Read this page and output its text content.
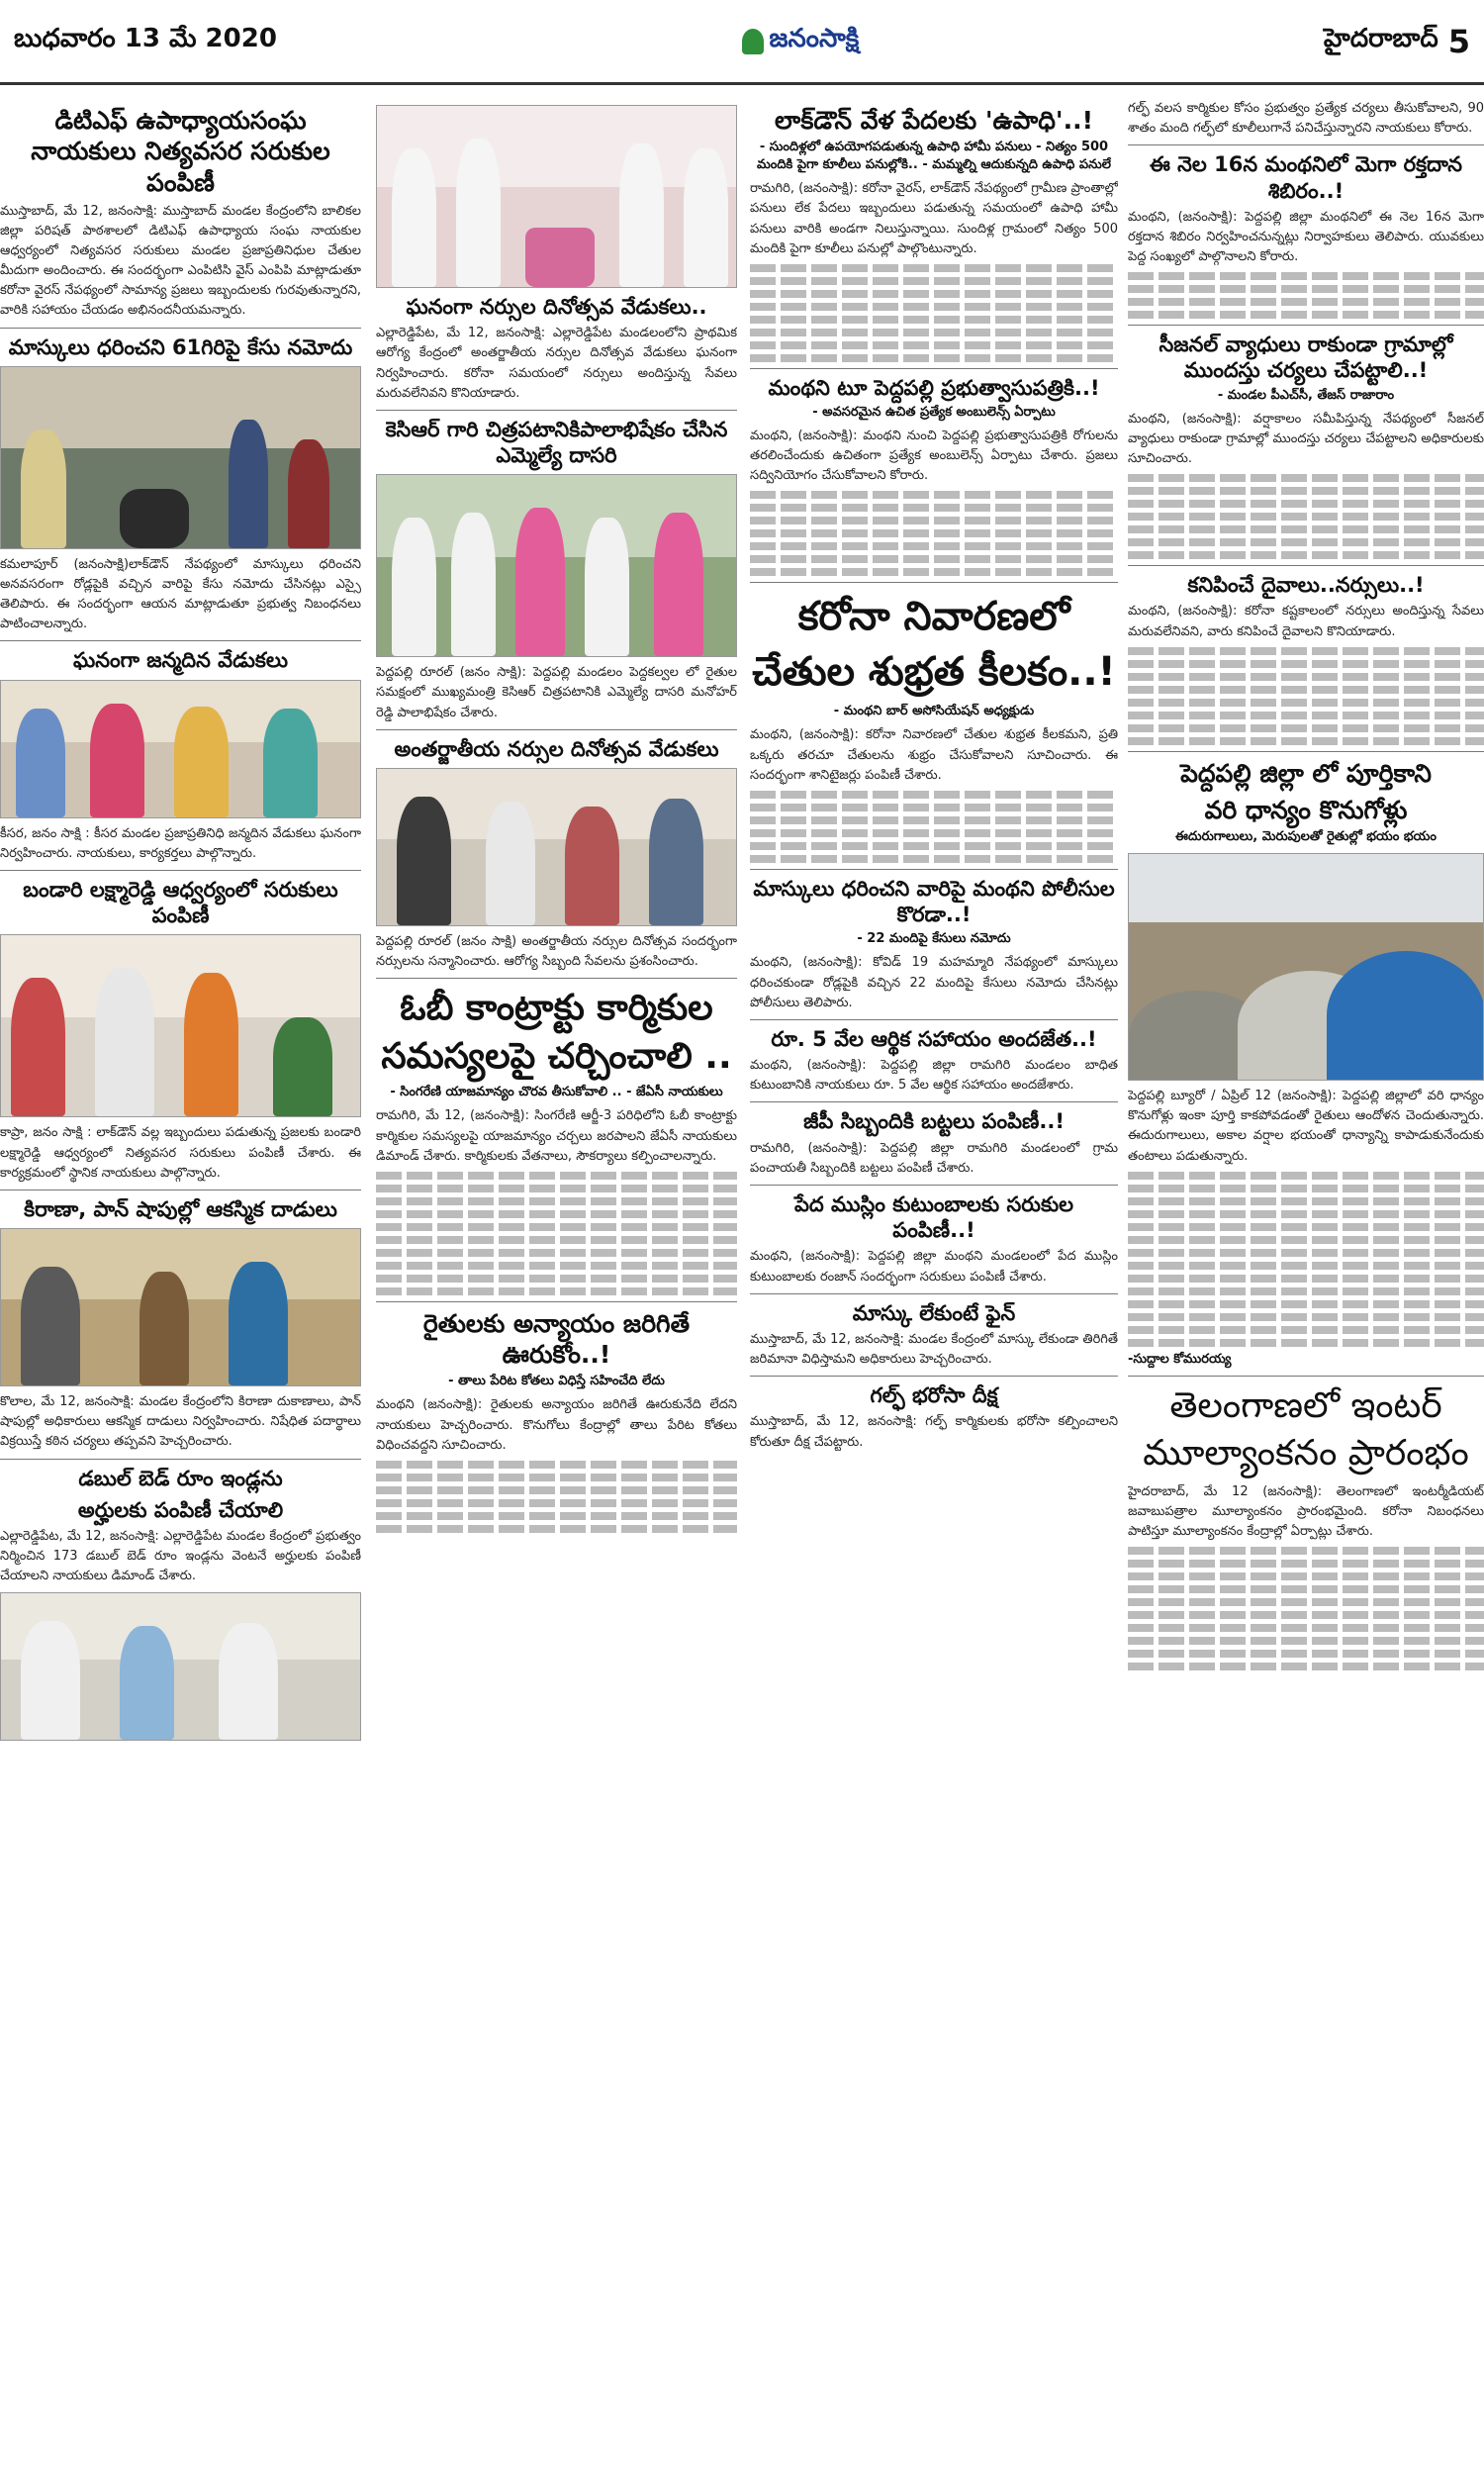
బుధవారం 13 మే 2020	జనంసాక్షి	హైదరాబాద్ 5
డిటిఎఫ్‌ ఉపాధ్యాయసంఘ నాయకులు నిత్యవసర సరుకుల పంపిణీ
ముస్తాబాద్‌, మే 12, జనంసాక్షి: ముస్తాబాద్‌ మండల కేంద్రంలోని బాలికల జిల్లా పరిషత్‌ పాఠశాలలో డిటిఎఫ్‌ ఉపాధ్యాయ సంఘ నాయకుల ఆధ్వర్యంలో నిత్యవసర సరుకులు మండల ప్రజాప్రతినిధుల చేతుల మీదుగా అందించారు. ఈ సందర్భంగా ఎంపిటిసి వైస్‌ ఎంపిపి మాట్లాడుతూ కరోనా వైరస్‌ నేపథ్యంలో సామాన్య ప్రజలు ఇబ్బందులకు గురవుతున్నారని, వారికి సహాయం చేయడం అభినందనీయమన్నారు.
మాస్కులు ధరించని 61గిరిపై కేసు నమోదు
కమలాపూర్‌ (జనంసాక్షి)లాక్‌డౌన్‌ నేపథ్యంలో మాస్కులు ధరించని అనవసరంగా రోడ్లపైకి వచ్చిన వారిపై కేసు నమోదు చేసినట్లు ఎస్సై తెలిపారు. ఈ సందర్భంగా ఆయన మాట్లాడుతూ ప్రభుత్వ నిబంధనలు పాటించాలన్నారు.
ఘనంగా జన్మదిన వేడుకలు
కీసర, జనం సాక్షి : కీసర మండల ప్రజాప్రతినిధి జన్మదిన వేడుకలు ఘనంగా నిర్వహించారు. నాయకులు, కార్యకర్తలు పాల్గొన్నారు.
బండారి లక్ష్మారెడ్డి ఆధ్వర్యంలో సరుకులు పంపిణీ
కాప్రా, జనం సాక్షి : లాక్‌డౌన్‌ వల్ల ఇబ్బందులు పడుతున్న ప్రజలకు బండారి లక్ష్మారెడ్డి ఆధ్వర్యంలో నిత్యవసర సరుకులు పంపిణీ చేశారు. ఈ కార్యక్రమంలో స్థానిక నాయకులు పాల్గొన్నారు.
కిరాణా, పాన్‌ షాపుల్లో ఆకస్మిక దాడులు
కొలాల, మే 12, జనంసాక్షి: మండల కేంద్రంలోని కిరాణా దుకాణాలు, పాన్‌ షాపుల్లో అధికారులు ఆకస్మిక దాడులు నిర్వహించారు. నిషేధిత పదార్థాలు విక్రయిస్తే కఠిన చర్యలు తప్పవని హెచ్చరించారు.
డబుల్‌ బెడ్‌ రూం ఇండ్లను
అర్హులకు పంపిణీ చేయాలి
ఎల్లారెడ్డిపేట, మే 12, జనంసాక్షి: ఎల్లారెడ్డిపేట మండల కేంద్రంలో ప్రభుత్వం నిర్మించిన 173 డబుల్‌ బెడ్‌ రూం ఇండ్లను వెంటనే అర్హులకు పంపిణీ చేయాలని నాయకులు డిమాండ్‌ చేశారు.
ఘనంగా నర్సుల దినోత్సవ వేడుకలు..
ఎల్లారెడ్డిపేట, మే 12, జనంసాక్షి: ఎల్లారెడ్డిపేట మండలంలోని ప్రాథమిక ఆరోగ్య కేంద్రంలో అంతర్జాతీయ నర్సుల దినోత్సవ వేడుకలు ఘనంగా నిర్వహించారు. కరోనా సమయంలో నర్సులు అందిస్తున్న సేవలు మరువలేనివని కొనియాడారు.
కెసిఆర్‌ గారి చిత్రపటానికిపాలాభిషేకం చేసిన ఎమ్మెల్యే దాసరి
పెద్దపల్లి రూరల్‌ (జనం సాక్షి): పెద్దపల్లి మండలం పెద్దకల్వల లో రైతుల సమక్షంలో ముఖ్యమంత్రి కెసిఆర్‌ చిత్రపటానికి ఎమ్మెల్యే దాసరి మనోహర్‌ రెడ్డి పాలాభిషేకం చేశారు.
అంతర్జాతీయ నర్సుల దినోత్సవ వేడుకలు
పెద్దపల్లి రూరల్‌ (జనం సాక్షి) అంతర్జాతీయ నర్సుల దినోత్సవ సందర్భంగా నర్సులను సన్మానించారు. ఆరోగ్య సిబ్బంది సేవలను ప్రశంసించారు.
ఓబీ కాంట్రాక్టు కార్మికుల సమస్యలపై చర్చించాలి ..
- సింగరేణి యాజమాన్యం చొరవ తీసుకోవాలి .. - జేఏసీ నాయకులు
రామగిరి, మే 12, (జనంసాక్షి): సింగరేణి ఆర్జీ-3 పరిధిలోని ఓబీ కాంట్రాక్టు కార్మికుల సమస్యలపై యాజమాన్యం చర్చలు జరపాలని జేఏసీ నాయకులు డిమాండ్‌ చేశారు. కార్మికులకు వేతనాలు, సౌకర్యాలు కల్పించాలన్నారు.
రైతులకు అన్యాయం జరిగితే ఊరుకోం..!
- తాలు పేరిట కోతలు విధిస్తే సహించేది లేదు
మంథని (జనంసాక్షి): రైతులకు అన్యాయం జరిగితే ఊరుకునేది లేదని నాయకులు హెచ్చరించారు. కొనుగోలు కేంద్రాల్లో తాలు పేరిట కోతలు విధించవద్దని సూచించారు.
లాక్‌డౌన్‌ వేళ పేదలకు 'ఉపాధి'..!
- సుందిళ్లలో ఉపయోగపడుతున్న ఉపాధి హామీ పనులు - నిత్యం 500 మందికి పైగా కూలీలు పనుల్లోకి.. - మమ్మల్ని ఆదుకున్నది ఉపాధి పనులే
రామగిరి, (జనంసాక్షి): కరోనా వైరస్‌, లాక్‌డౌన్‌ నేపథ్యంలో గ్రామీణ ప్రాంతాల్లో పనులు లేక పేదలు ఇబ్బందులు పడుతున్న సమయంలో ఉపాధి హామీ పనులు వారికి అండగా నిలుస్తున్నాయి. సుందిళ్ల గ్రామంలో నిత్యం 500 మందికి పైగా కూలీలు పనుల్లో పాల్గొంటున్నారు.
మంథని టూ పెద్దపల్లి ప్రభుత్వాసుపత్రికి..!
- అవసరమైన ఉచిత ప్రత్యేక అంబులెన్స్‌ ఏర్పాటు
మంథని, (జనంసాక్షి): మంథని నుంచి పెద్దపల్లి ప్రభుత్వాసుపత్రికి రోగులను తరలించేందుకు ఉచితంగా ప్రత్యేక అంబులెన్స్‌ ఏర్పాటు చేశారు. ప్రజలు సద్వినియోగం చేసుకోవాలని కోరారు.
కరోనా నివారణలో చేతుల శుభ్రత కీలకం..!
- మంథని బార్‌ అసోసియేషన్‌ అధ్యక్షుడు
మంథని, (జనంసాక్షి): కరోనా నివారణలో చేతుల శుభ్రత కీలకమని, ప్రతి ఒక్కరు తరచూ చేతులను శుభ్రం చేసుకోవాలని సూచించారు. ఈ సందర్భంగా శానిటైజర్లు పంపిణీ చేశారు.
మాస్కులు ధరించని వారిపై మంథని పోలీసుల కొరడా..!
- 22 మందిపై కేసులు నమోదు
మంథని, (జనంసాక్షి): కోవిడ్‌ 19 మహమ్మారి నేపథ్యంలో మాస్కులు ధరించకుండా రోడ్లపైకి వచ్చిన 22 మందిపై కేసులు నమోదు చేసినట్లు పోలీసులు తెలిపారు.
రూ. 5 వేల ఆర్థిక సహాయం అందజేత..!
మంథని, (జనంసాక్షి): పెద్దపల్లి జిల్లా రామగిరి మండలం బాధిత కుటుంబానికి నాయకులు రూ. 5 వేల ఆర్థిక సహాయం అందజేశారు.
జీపీ సిబ్బందికి బట్టలు పంపిణీ..!
రామగిరి, (జనంసాక్షి): పెద్దపల్లి జిల్లా రామగిరి మండలంలో గ్రామ పంచాయతీ సిబ్బందికి బట్టలు పంపిణీ చేశారు.
పేద ముస్లిం కుటుంబాలకు సరుకుల పంపిణీ..!
మంథని, (జనంసాక్షి): పెద్దపల్లి జిల్లా మంథని మండలంలో పేద ముస్లిం కుటుంబాలకు రంజాన్‌ సందర్భంగా సరుకులు పంపిణీ చేశారు.
మాస్కు లేకుంటే ఫైన్‌
ముస్తాబాద్‌, మే 12, జనంసాక్షి: మండల కేంద్రంలో మాస్కు లేకుండా తిరిగితే జరిమానా విధిస్తామని అధికారులు హెచ్చరించారు.
గల్ఫ్‌ భరోసా దీక్ష
ముస్తాబాద్‌, మే 12, జనంసాక్షి: గల్ఫ్‌ కార్మికులకు భరోసా కల్పించాలని కోరుతూ దీక్ష చేపట్టారు.
గల్ఫ్‌ వలస కార్మికుల కోసం ప్రభుత్వం ప్రత్యేక చర్యలు తీసుకోవాలని, 90 శాతం మంది గల్ఫ్‌లో కూలీలుగానే పనిచేస్తున్నారని నాయకులు కోరారు.
ఈ నెల 16న మంథనిలో మెగా రక్తదాన శిబిరం..!
మంథని, (జనంసాక్షి): పెద్దపల్లి జిల్లా మంథనిలో ఈ నెల 16న మెగా రక్తదాన శిబిరం నిర్వహించనున్నట్లు నిర్వాహకులు తెలిపారు. యువకులు పెద్ద సంఖ్యలో పాల్గొనాలని కోరారు.
సీజనల్‌ వ్యాధులు రాకుండా గ్రామాల్లో ముందస్తు చర్యలు చేపట్టాలి..!
- మండల పీఎచ్‌సీ, తేజస్‌ రాజారాం
మంథని, (జనంసాక్షి): వర్షాకాలం సమీపిస్తున్న నేపథ్యంలో సీజనల్‌ వ్యాధులు రాకుండా గ్రామాల్లో ముందస్తు చర్యలు చేపట్టాలని అధికారులకు సూచించారు.
కనిపించే దైవాలు..నర్సులు..!
మంథని, (జనంసాక్షి): కరోనా కష్టకాలంలో నర్సులు అందిస్తున్న సేవలు మరువలేనివని, వారు కనిపించే దైవాలని కొనియాడారు.
పెద్దపల్లి జిల్లా లో పూర్తికాని
వరి ధాన్యం కొనుగోళ్లు
ఈదురుగాలులు, మెరుపులతో రైతుల్లో భయం భయం
పెద్దపల్లి బ్యూరో / ఏప్రిల్‌ 12 (జనంసాక్షి): పెద్దపల్లి జిల్లాలో వరి ధాన్యం కొనుగోళ్లు ఇంకా పూర్తి కాకపోవడంతో రైతులు ఆందోళన చెందుతున్నారు. ఈదురుగాలులు, అకాల వర్షాల భయంతో ధాన్యాన్ని కాపాడుకునేందుకు తంటాలు పడుతున్నారు.
-సుద్దాల కోమురయ్య
తెలంగాణలో ఇంటర్‌ మూల్యాంకనం ప్రారంభం
హైదరాబాద్‌, మే 12 (జనంసాక్షి): తెలంగాణలో ఇంటర్మీడియట్‌ జవాబుపత్రాల మూల్యాంకనం ప్రారంభమైంది. కరోనా నిబంధనలు పాటిస్తూ మూల్యాంకనం కేంద్రాల్లో ఏర్పాట్లు చేశారు.
